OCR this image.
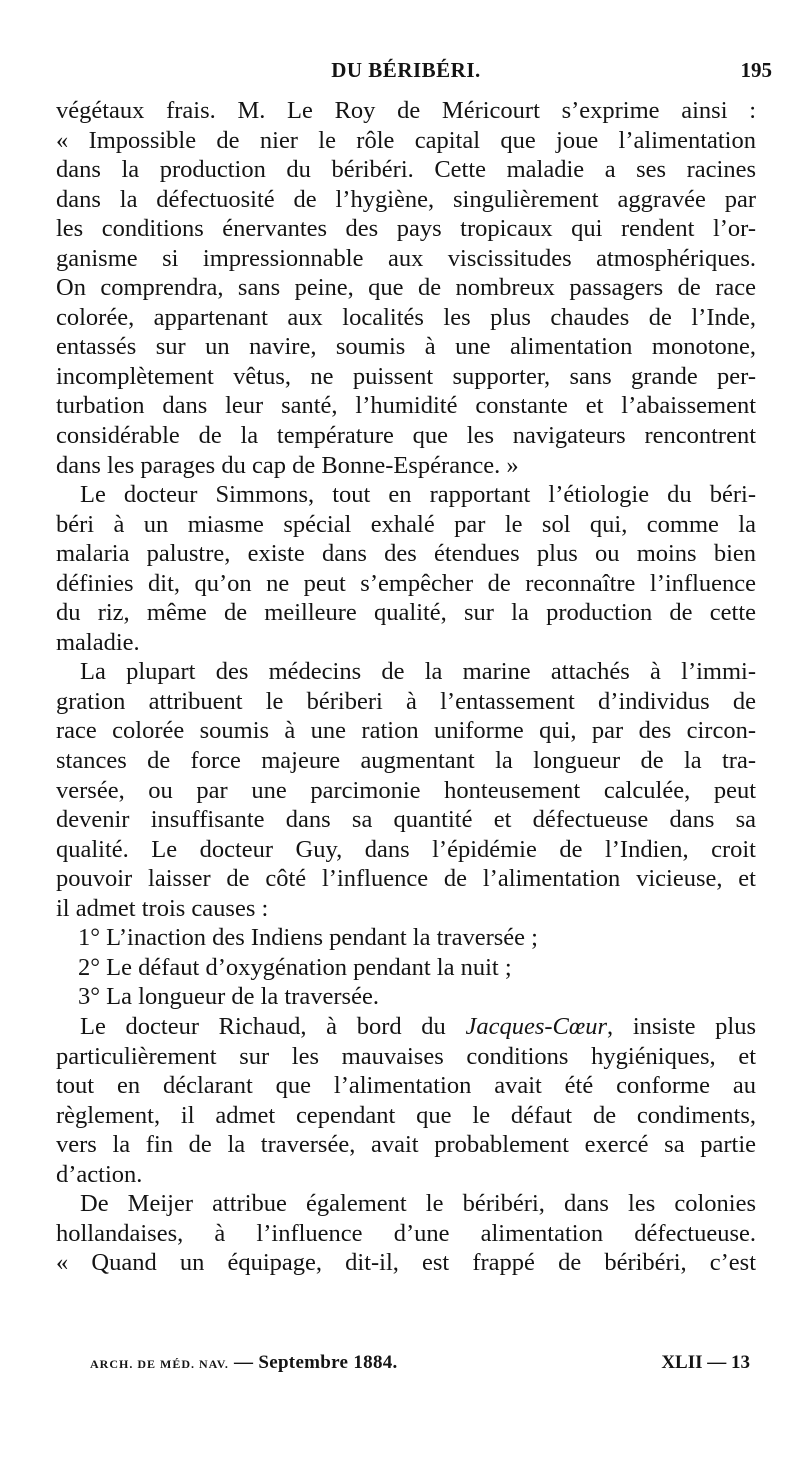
DU BÉRIBÉRI.	195
végétaux frais. M. Le Roy de Méricourt s’exprime ainsi :
« Impossible de nier le rôle capital que joue l’alimentation
dans la production du béribéri. Cette maladie a ses racines
dans la défectuosité de l’hygiène, singulièrement aggravée par
les conditions énervantes des pays tropicaux qui rendent l’or-
ganisme si impressionnable aux viscissitudes atmosphériques.
On comprendra, sans peine, que de nombreux passagers de race
colorée, appartenant aux localités les plus chaudes de l’Inde,
entassés sur un navire, soumis à une alimentation monotone,
incomplètement vêtus, ne puissent supporter, sans grande per-
turbation dans leur santé, l’humidité constante et l’abaissement
considérable de la température que les navigateurs rencontrent
dans les parages du cap de Bonne-Espérance. »
Le docteur Simmons, tout en rapportant l’étiologie du béri-
béri à un miasme spécial exhalé par le sol qui, comme la
malaria palustre, existe dans des étendues plus ou moins bien
définies dit, qu’on ne peut s’empêcher de reconnaître l’influence
du riz, même de meilleure qualité, sur la production de cette
maladie.
La plupart des médecins de la marine attachés à l’immi-
gration attribuent le bériberi à l’entassement d’individus de
race colorée soumis à une ration uniforme qui, par des circon-
stances de force majeure augmentant la longueur de la tra-
versée, ou par une parcimonie honteusement calculée, peut
devenir insuffisante dans sa quantité et défectueuse dans sa
qualité. Le docteur Guy, dans l’épidémie de l’Indien, croit
pouvoir laisser de côté l’influence de l’alimentation vicieuse, et
il admet trois causes :
1° L’inaction des Indiens pendant la traversée ;
2° Le défaut d’oxygénation pendant la nuit ;
3° La longueur de la traversée.
Le docteur Richaud, à bord du Jacques-Cœur, insiste plus
particulièrement sur les mauvaises conditions hygiéniques, et
tout en déclarant que l’alimentation avait été conforme au
règlement, il admet cependant que le défaut de condiments,
vers la fin de la traversée, avait probablement exercé sa partie
d’action.
De Meijer attribue également le béribéri, dans les colonies
hollandaises, à l’influence d’une alimentation défectueuse.
« Quand un équipage, dit-il, est frappé de béribéri, c’est
ARCH. DE MÉD. NAV. — Septembre 1884.	XLII — 13
